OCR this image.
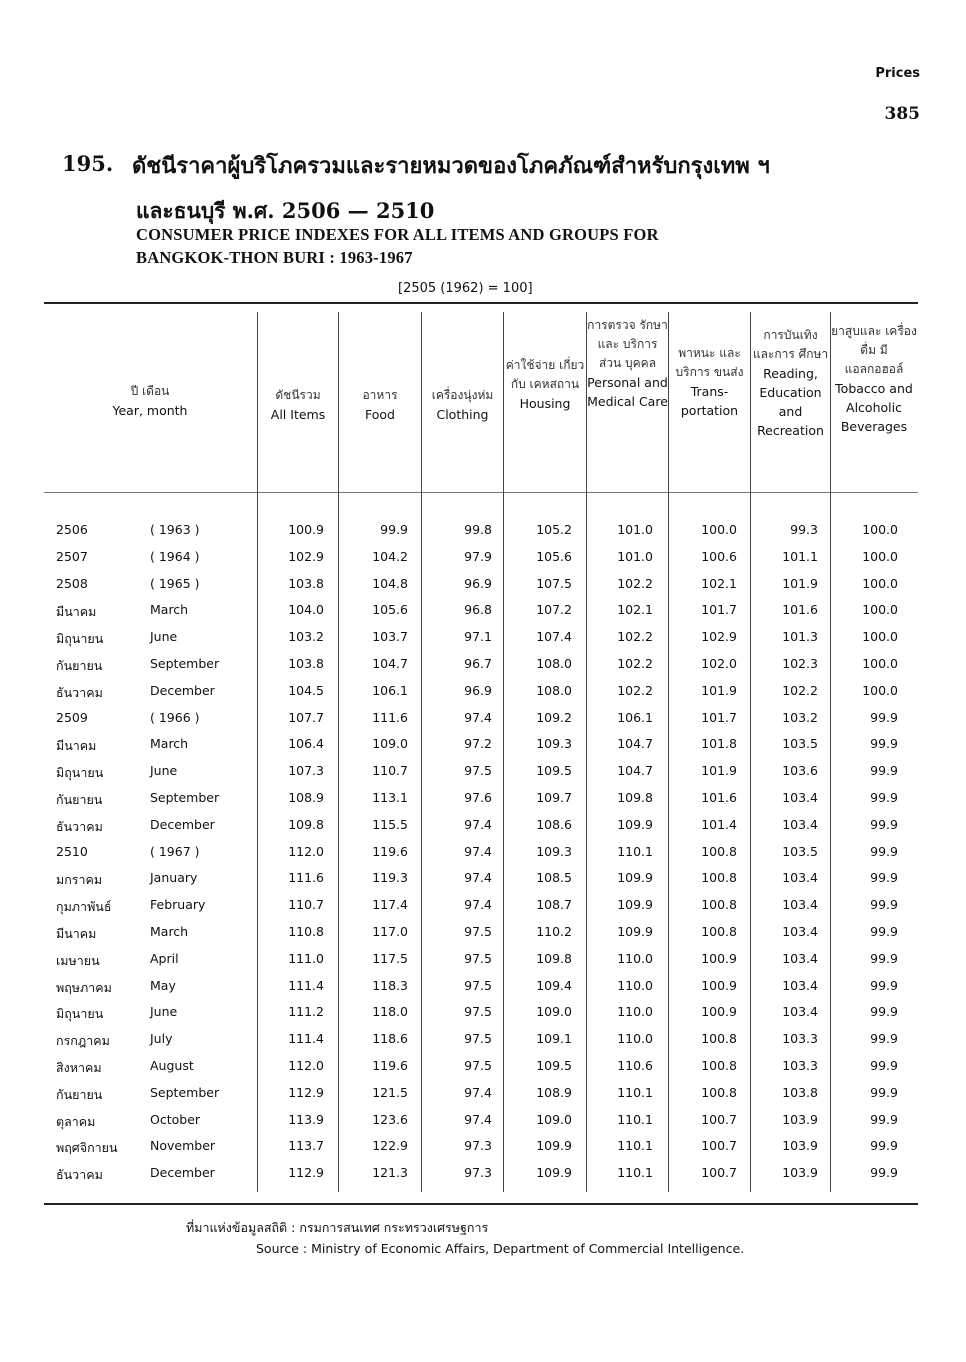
Prices
385
195. ดัชนีราคาผู้บริโภครวมและรายหมวดของโภคภัณฑ์สำหรับกรุงเทพ ฯ
และธนบุรี พ.ศ. 2506 — 2510
CONSUMER PRICE INDEXES FOR ALL ITEMS AND GROUPS FOR
BANGKOK-THON BURI : 1963-1967
[2505 (1962) = 100]
ปี เดือน
Year, month
ดัชนีรวม
All Items
อาหาร
Food
เครื่องนุ่งห่ม
Clothing
ค่าใช้จ่าย เกี่ยวกับ เคหสถาน
Housing
การตรวจ รักษาและ บริการส่วน บุคคล
Personal and Medical Care
พาหนะ และบริการ ขนส่ง
Trans- portation
การบันเทิง และการ ศึกษา
Reading, Education and Recreation
ยาสูบและ เครื่องดื่ม มี แอลกอฮอล์
Tobacco and Alcoholic Beverages
2506	( 1963 )	100.9	99.9	99.8	105.2	101.0	100.0	99.3	100.0
2507	( 1964 )	102.9	104.2	97.9	105.6	101.0	100.6	101.1	100.0
2508	( 1965 )	103.8	104.8	96.9	107.5	102.2	102.1	101.9	100.0
มีนาคม	March	104.0	105.6	96.8	107.2	102.1	101.7	101.6	100.0
มิถุนายน	June	103.2	103.7	97.1	107.4	102.2	102.9	101.3	100.0
กันยายน	September	103.8	104.7	96.7	108.0	102.2	102.0	102.3	100.0
ธันวาคม	December	104.5	106.1	96.9	108.0	102.2	101.9	102.2	100.0
2509	( 1966 )	107.7	111.6	97.4	109.2	106.1	101.7	103.2	99.9
มีนาคม	March	106.4	109.0	97.2	109.3	104.7	101.8	103.5	99.9
มิถุนายน	June	107.3	110.7	97.5	109.5	104.7	101.9	103.6	99.9
กันยายน	September	108.9	113.1	97.6	109.7	109.8	101.6	103.4	99.9
ธันวาคม	December	109.8	115.5	97.4	108.6	109.9	101.4	103.4	99.9
2510	( 1967 )	112.0	119.6	97.4	109.3	110.1	100.8	103.5	99.9
มกราคม	January	111.6	119.3	97.4	108.5	109.9	100.8	103.4	99.9
กุมภาพันธ์	February	110.7	117.4	97.4	108.7	109.9	100.8	103.4	99.9
มีนาคม	March	110.8	117.0	97.5	110.2	109.9	100.8	103.4	99.9
เมษายน	April	111.0	117.5	97.5	109.8	110.0	100.9	103.4	99.9
พฤษภาคม	May	111.4	118.3	97.5	109.4	110.0	100.9	103.4	99.9
มิถุนายน	June	111.2	118.0	97.5	109.0	110.0	100.9	103.4	99.9
กรกฎาคม	July	111.4	118.6	97.5	109.1	110.0	100.8	103.3	99.9
สิงหาคม	August	112.0	119.6	97.5	109.5	110.6	100.8	103.3	99.9
กันยายน	September	112.9	121.5	97.4	108.9	110.1	100.8	103.8	99.9
ตุลาคม	October	113.9	123.6	97.4	109.0	110.1	100.7	103.9	99.9
พฤศจิกายน	November	113.7	122.9	97.3	109.9	110.1	100.7	103.9	99.9
ธันวาคม	December	112.9	121.3	97.3	109.9	110.1	100.7	103.9	99.9
ที่มาแห่งข้อมูลสถิติ : กรมการสนเทศ กระทรวงเศรษฐการ
Source : Ministry of Economic Affairs, Department of Commercial Intelligence.
